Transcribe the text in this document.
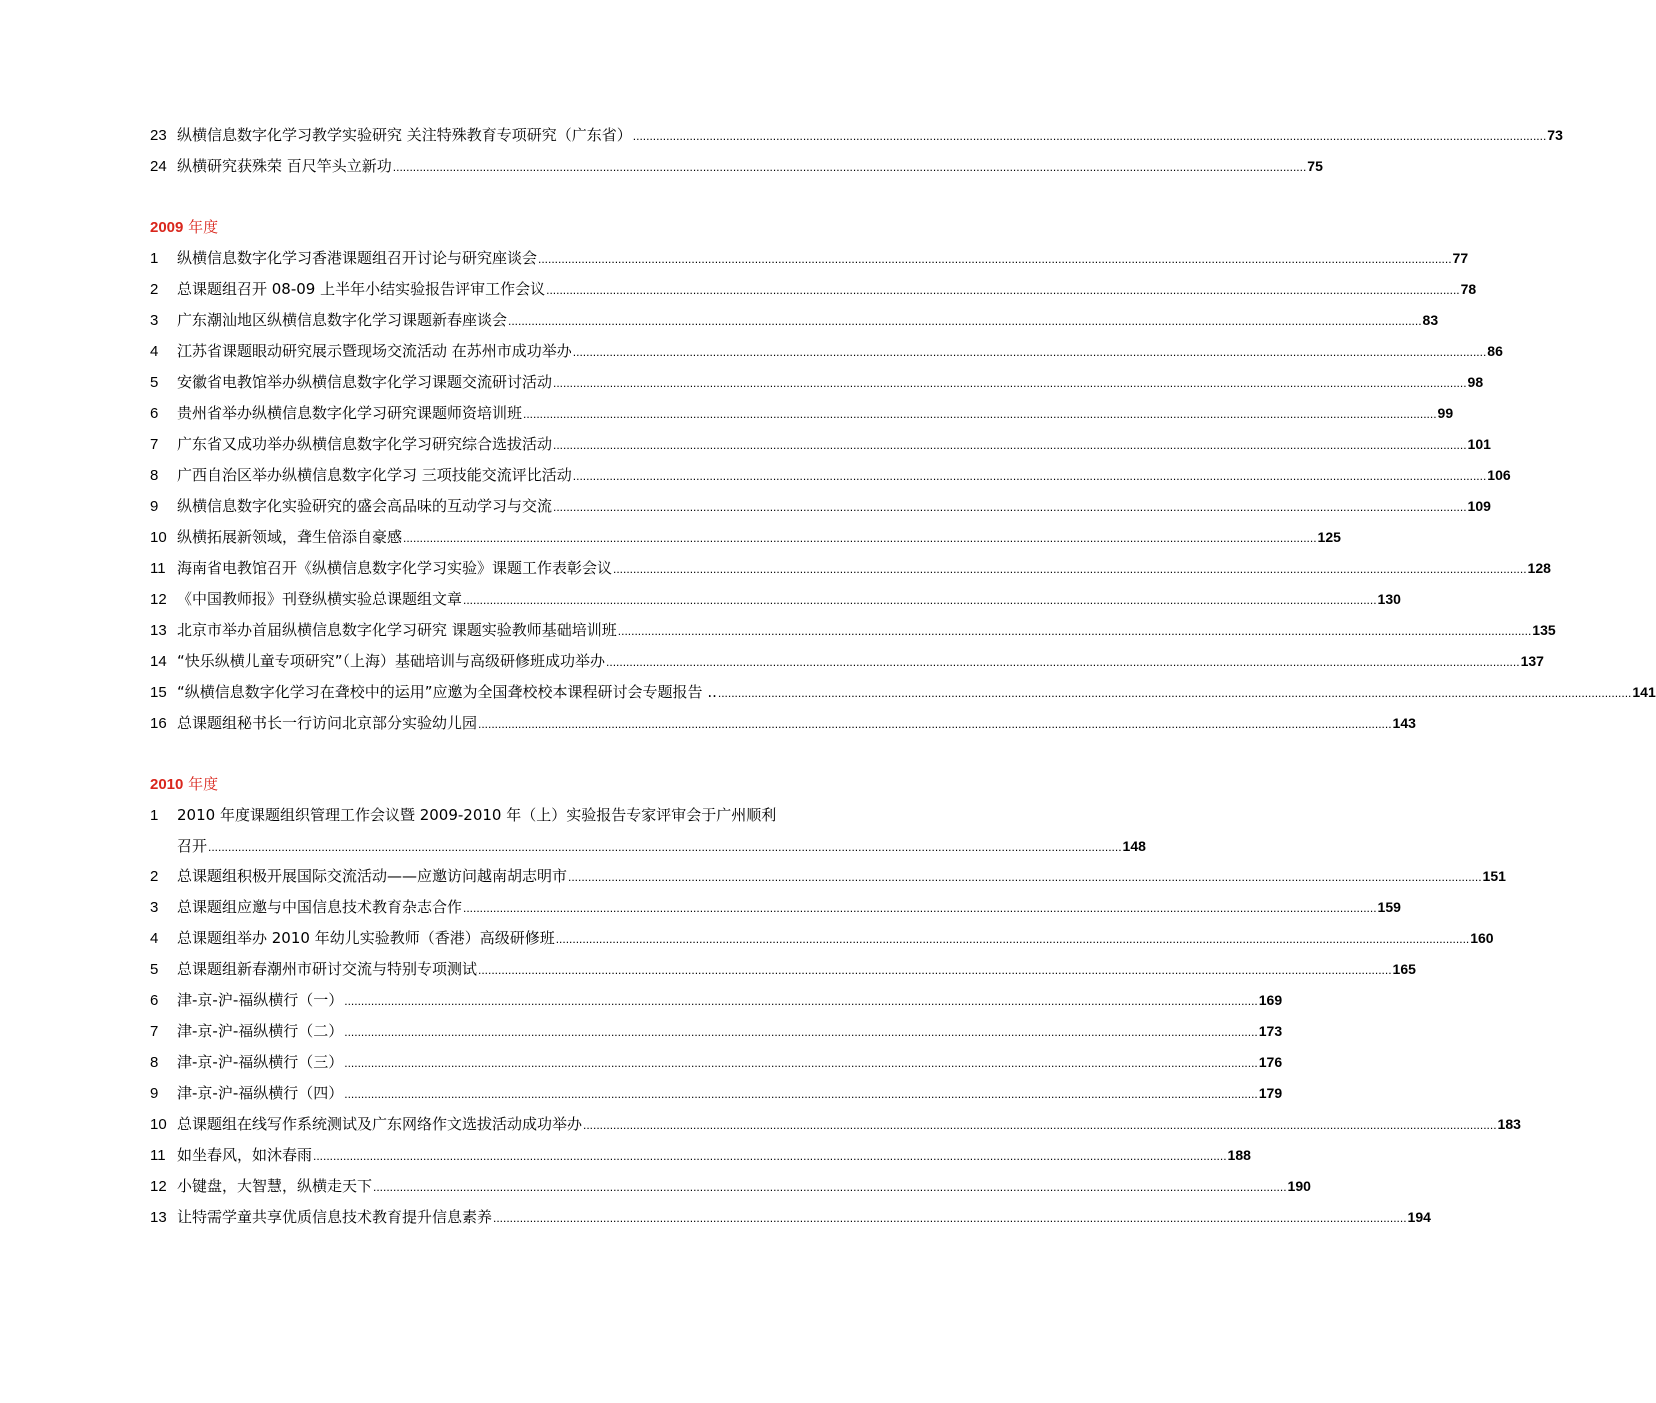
23 纵横信息数字化学习教学实验研究 关注特殊教育专项研究（广东省） .....	73
24 纵横研究获殊荣 百尺竿头立新功 .....	75
2009 年度
1	纵横信息数字化学习香港课题组召开讨论与研究座谈会 .....	77
2	总课题组召开 08-09 上半年小结实验报告评审工作会议 .....	78
3	广东潮汕地区纵横信息数字化学习课题新春座谈会 .....	83
4	江苏省课题眼动研究展示暨现场交流活动 在苏州市成功举办 .....	86
5	安徽省电教馆举办纵横信息数字化学习课题交流研讨活动 .....	98
6	贵州省举办纵横信息数字化学习研究课题师资培训班 .....	99
7	广东省又成功举办纵横信息数字化学习研究综合选拔活动 .....	101
8	广西自治区举办纵横信息数字化学习 三项技能交流评比活动 .....	106
9	纵横信息数字化实验研究的盛会高品味的互动学习与交流 .....	109
10 纵横拓展新领域，聋生倍添自豪感 .....	125
11 海南省电教馆召开《纵横信息数字化学习实验》课题工作表彰会议 .....	128
12 《中国教师报》刊登纵横实验总课题组文章 .....	130
13 北京市举办首届纵横信息数字化学习研究 课题实验教师基础培训班 .....	135
14 “快乐纵横儿童专项研究”（上海）基础培训与高级研修班成功举办 .....	137
15 “纵横信息数字化学习在聋校中的运用”应邀为全国聋校校本课程研讨会专题报告 .. .....	141
16 总课题组秘书长一行访问北京部分实验幼儿园 .....	143
2010 年度
1	2010 年度课题组织管理工作会议暨 2009-2010 年（上）实验报告专家评审会于广州顺利
召开 .....	148
2	总课题组积极开展国际交流活动——应邀访问越南胡志明市 .....	151
3	总课题组应邀与中国信息技术教育杂志合作 .....	159
4	总课题组举办 2010 年幼儿实验教师（香港）高级研修班 .....	160
5	总课题组新春潮州市研讨交流与特别专项测试 .....	165
6	津-京-沪-福纵横行（一） .....	169
7	津-京-沪-福纵横行（二） .....	173
8	津-京-沪-福纵横行（三） .....	176
9	津-京-沪-福纵横行（四） .....	179
10 总课题组在线写作系统测试及广东网络作文选拔活动成功举办 .....	183
11 如坐春风，如沐春雨 .....	188
12 小键盘，大智慧，纵横走天下 .....	190
13 让特需学童共享优质信息技术教育提升信息素养 .....	194
